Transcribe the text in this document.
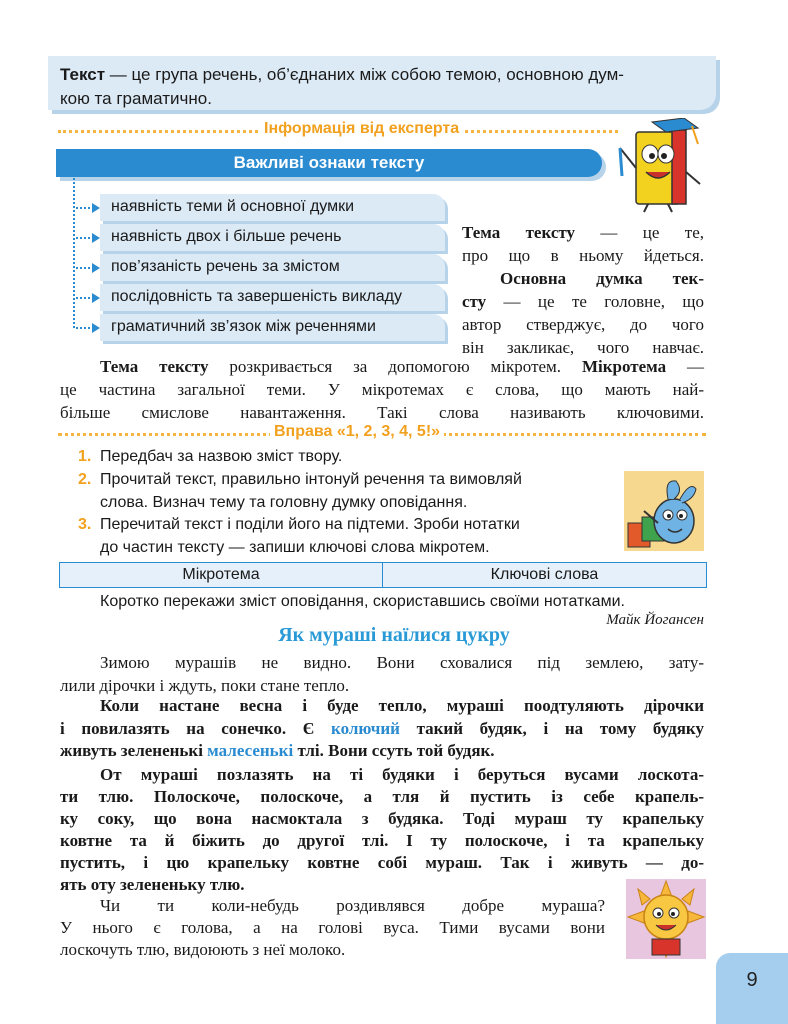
Текст — це група речень, об’єднаних між собою темою, основною дум-
кою та граматично.

Інформація від експерта
Важливі ознаки тексту
наявність теми й основної думки
наявність двох і більше речень
пов’язаність речень за змістом
послідовність та завершеність викладу
граматичний зв’язок між реченнями
Тема тексту — це те,
про що в ньому йдеться.
Основна думка тек-
сту — це те головне, що
автор стверджує, до чого
він закликає, чого навчає.
Тема тексту розкривається за допомогою мікротем. Мікротема —
це частина загальної теми. У мікротемах є слова, що мають най-
більше смислове навантаження. Такі слова називають ключовими.
Вправа «1, 2, 3, 4, 5!»
1. Передбач за назвою зміст твору.
2. Прочитай текст, правильно інтонуй речення та вимовляй
слова. Визнач тему та головну думку оповідання.
3. Перечитай текст і поділи його на підтеми. Зроби нотатки
до частин тексту — запиши ключові слова мікротем.
Мікротема	Ключові слова
Коротко перекажи зміст оповідання, скориставшись своїми нотатками.
Майк Йогансен
Як мураші наїлися цукру
Зимою мурашів не видно. Вони сховалися під землею, зату-
лили дірочки і ждуть, поки стане тепло.
Коли настане весна і буде тепло, мураші поодтуляють дірочки
і повилазять на сонечко. Є колючий такий будяк, і на тому будяку
живуть зелененькі малесенькі тлі. Вони ссуть той будяк.
От мураші позлазять на ті будяки і беруться вусами лоскота-
ти тлю. Полоскоче, полоскоче, а тля й пустить із себе крапель-
ку соку, що вона насмоктала з будяка. Тоді мураш ту крапельку
ковтне та й біжить до другої тлі. І ту полоскоче, і та крапельку
пустить, і цю крапельку ковтне собі мураш. Так і живуть — до-
ять оту зелененьку тлю.
Чи ти коли-небудь роздивлявся добре мураша?
У нього є голова, а на голові вуса. Тими вусами вони
лоскочуть тлю, видоюють з неї молоко.
9
